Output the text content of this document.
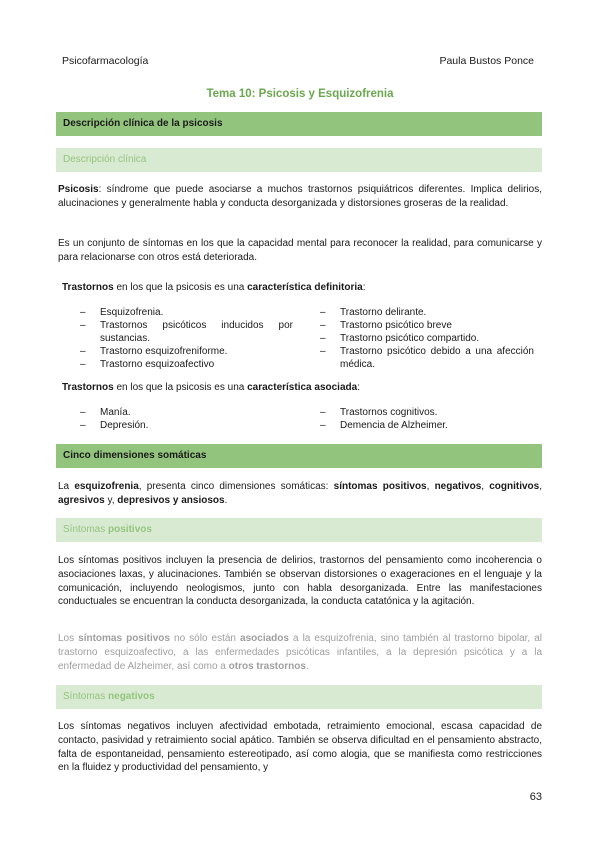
Psicofarmacología	Paula Bustos Ponce
Tema 10: Psicosis y Esquizofrenia
Descripción clínica de la psicosis
Descripción clínica
Psicosis: síndrome que puede asociarse a muchos trastornos psiquiátricos diferentes. Implica delirios, alucinaciones y generalmente habla y conducta desorganizada y distorsiones groseras de la realidad.
Es un conjunto de síntomas en los que la capacidad mental para reconocer la realidad, para comunicarse y para relacionarse con otros está deteriorada.
Trastornos en los que la psicosis es una característica definitoria:
– Esquizofrenia.
– Trastornos psicóticos inducidos por sustancias.
– Trastorno esquizofreniforme.
– Trastorno esquizoafectivo
– Trastorno delirante.
– Trastorno psicótico breve
– Trastorno psicótico compartido.
– Trastorno psicótico debido a una afección médica.
Trastornos en los que la psicosis es una característica asociada:
– Manía.
– Depresión.
– Trastornos cognitivos.
– Demencia de Alzheimer.
Cinco dimensiones somáticas
La esquizofrenia, presenta cinco dimensiones somáticas: síntomas positivos, negativos, cognitivos, agresivos y, depresivos y ansiosos.
Síntomas positivos
Los síntomas positivos incluyen la presencia de delirios, trastornos del pensamiento como incoherencia o asociaciones laxas, y alucinaciones. También se observan distorsiones o exageraciones en el lenguaje y la comunicación, incluyendo neologismos, junto con habla desorganizada. Entre las manifestaciones conductuales se encuentran la conducta desorganizada, la conducta catatónica y la agitación.
Los síntomas positivos no sólo están asociados a la esquizofrenia, sino también al trastorno bipolar, al trastorno esquizoafectivo, a las enfermedades psicóticas infantiles, a la depresión psicótica y a la enfermedad de Alzheimer, así como a otros trastornos.
Síntomas negativos
Los síntomas negativos incluyen afectividad embotada, retraimiento emocional, escasa capacidad de contacto, pasividad y retraimiento social apático. También se observa dificultad en el pensamiento abstracto, falta de espontaneidad, pensamiento estereotipado, así como alogia, que se manifiesta como restricciones en la fluidez y productividad del pensamiento, y
63
